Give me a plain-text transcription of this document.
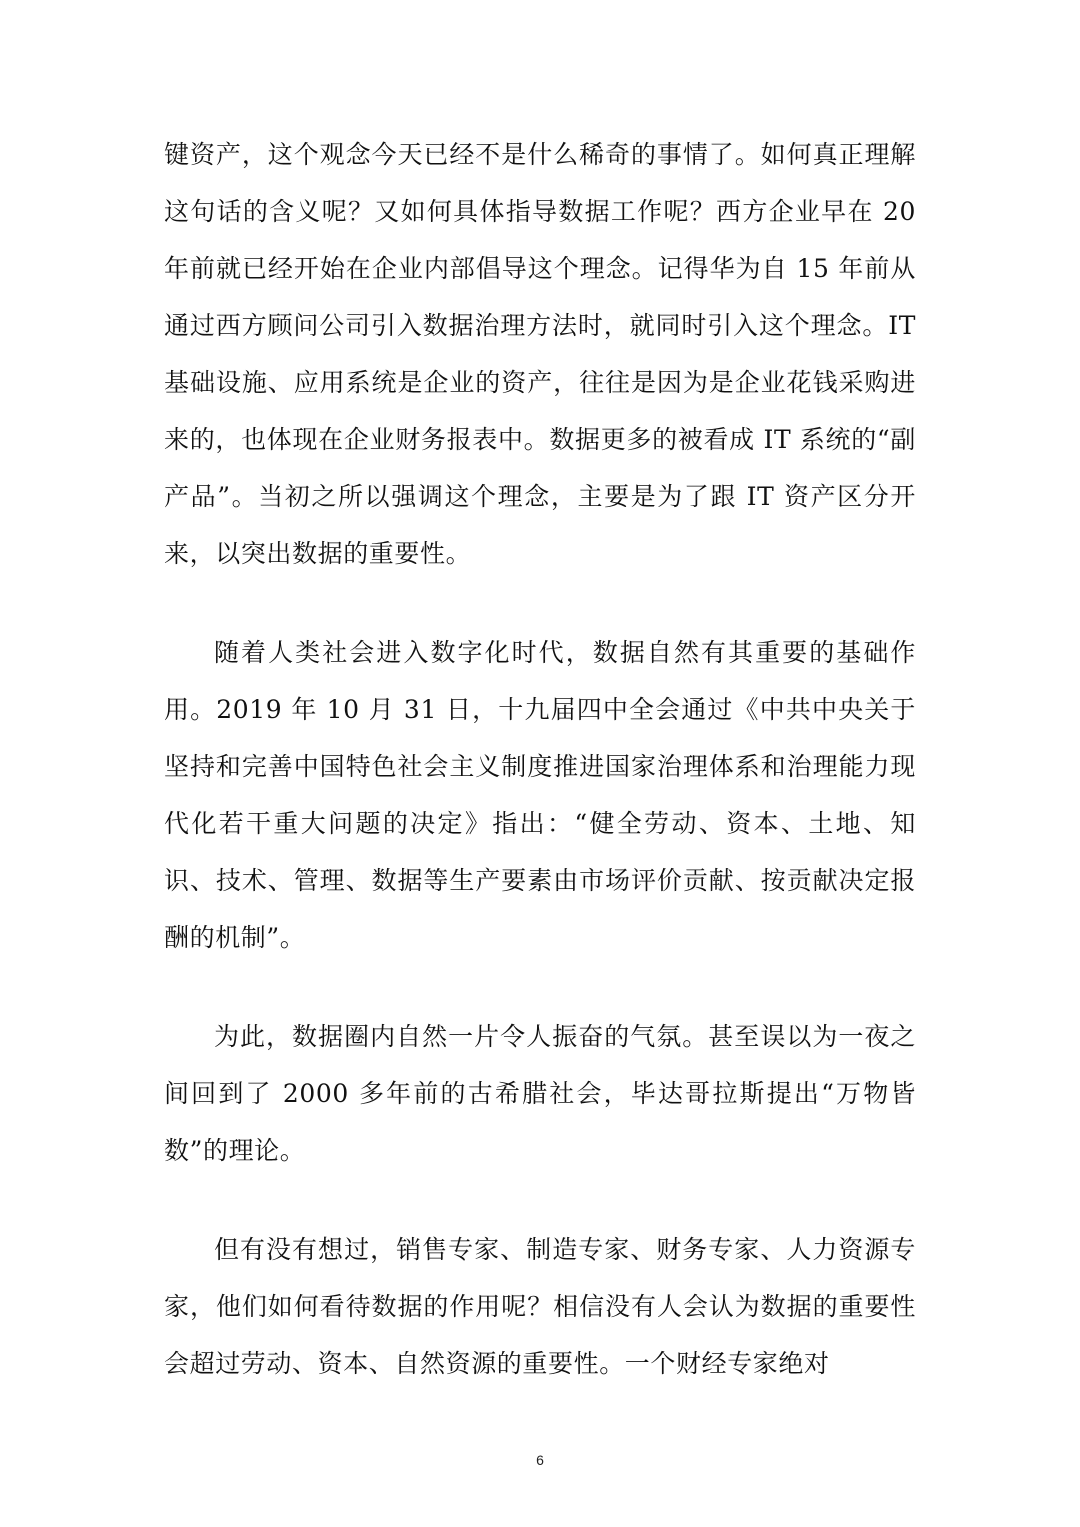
键资产，这个观念今天已经不是什么稀奇的事情了。如何真正理解这句话的含义呢？又如何具体指导数据工作呢？西方企业早在 20 年前就已经开始在企业内部倡导这个理念。记得华为自 15 年前从通过西方顾问公司引入数据治理方法时，就同时引入这个理念。IT 基础设施、应用系统是企业的资产，往往是因为是企业花钱采购进来的，也体现在企业财务报表中。数据更多的被看成 IT 系统的“副产品”。当初之所以强调这个理念，主要是为了跟 IT 资产区分开来，以突出数据的重要性。

随着人类社会进入数字化时代，数据自然有其重要的基础作用。2019 年 10 月 31 日，十九届四中全会通过《中共中央关于坚持和完善中国特色社会主义制度推进国家治理体系和治理能力现代化若干重大问题的决定》指出：“健全劳动、资本、土地、知识、技术、管理、数据等生产要素由市场评价贡献、按贡献决定报酬的机制”。

为此，数据圈内自然一片令人振奋的气氛。甚至误以为一夜之间回到了 2000 多年前的古希腊社会，毕达哥拉斯提出“万物皆数”的理论。

但有没有想过，销售专家、制造专家、财务专家、人力资源专家，他们如何看待数据的作用呢？相信没有人会认为数据的重要性会超过劳动、资本、自然资源的重要性。一个财经专家绝对

6
